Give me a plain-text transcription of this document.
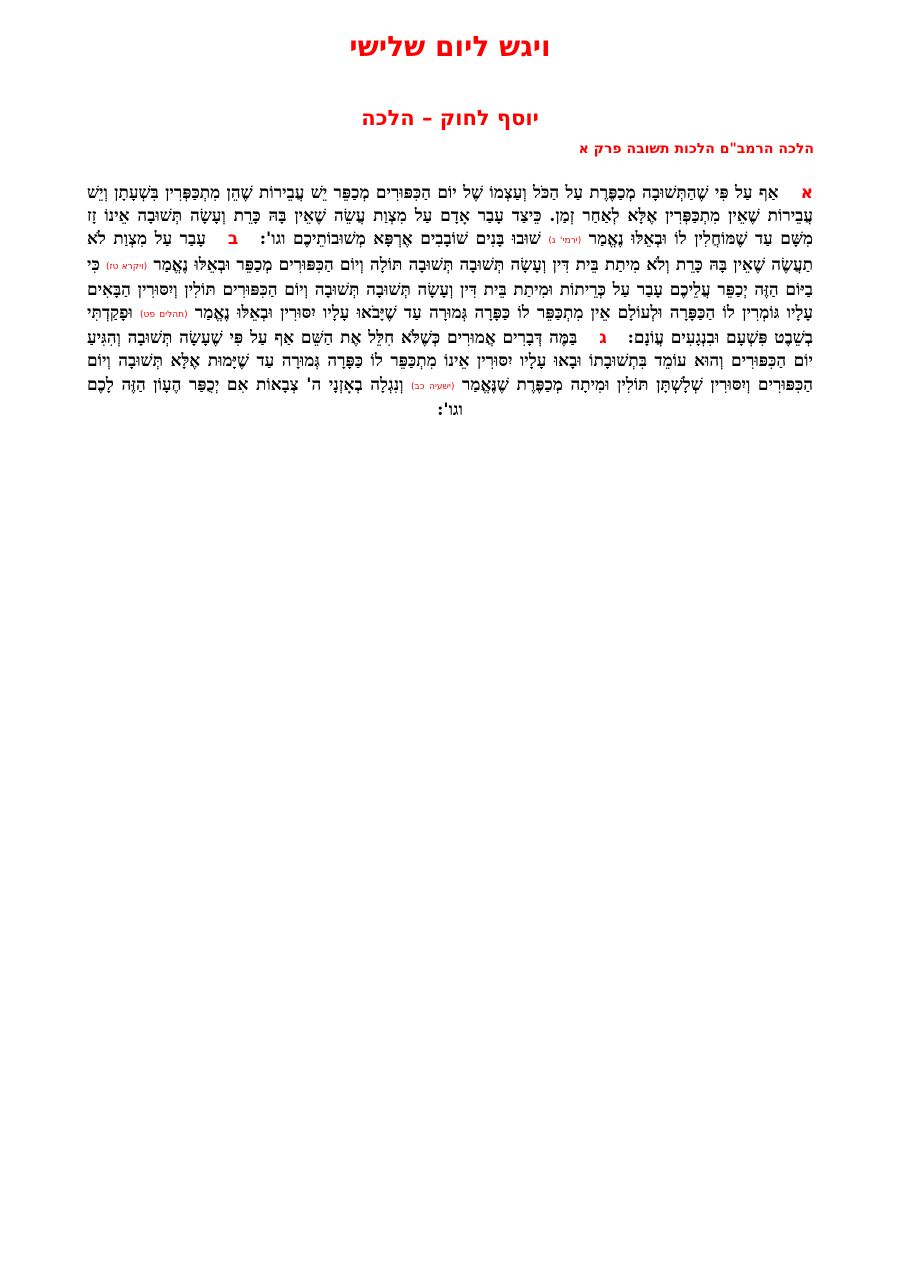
ויגש ליום שלישי
יוסף לחוק – הלכה
הלכה הרמב"ם הלכות תשובה פרק א

אאַף עַל פִּי שֶׁהַתְּשׁוּבָה מְכַפֶּרֶת עַל הַכֹּל וְעַצְמוֹ שֶׁל יוֹם הַכִּפּוּרִים מְכַפֵּר יֵשׁ עֲבֵירוֹת שֶׁהֵן מִתְכַּפְּרִין בִּשְׁעָתָן וְיֵשׁ עֲבֵירוֹת שֶׁאֵין מִתְכַּפְּרִין אֶלָּא לְאַחַר זְמַן. כֵּיצַד עָבַר אָדָם עַל מִצְוַת עֲשֵׂה שֶׁאֵין בָּהּ כָּרֵת וְעָשָׂה תְּשׁוּבָה אֵינוֹ זָז מִשָּׁם עַד שֶׁמּוֹחֲלִין לוֹ וּבְאֵלּוּ נֶאֱמַר (ירמי' ג) שׁוּבוּ בָּנִים שׁוֹבָבִים אֶרְפָּא מְשׁוּבוֹתֵיכֶם וגו': בעָבַר עַל מִצְוַת לֹא תַעֲשֶׂה שֶׁאֵין בָּהּ כָּרֵת וְלֹא מִיתַת בֵּית דִּין וְעָשָׂה תְּשׁוּבָה תְּשׁוּבָה תּוֹלָה וְיוֹם הַכִּפּוּרִים מְכַפֵּר וּבְאֵלּוּ נֶאֱמַר (ויקרא טז) כִּי בַיּוֹם הַזֶּה יְכַפֵּר עֲלֵיכֶם עָבַר עַל כְּרֵיתוֹת וּמִיתַת בֵּית דִּין וְעָשָׂה תְּשׁוּבָה תְּשׁוּבָה וְיוֹם הַכִּפּוּרִים תּוֹלִין וְיִסּוּרִין הַבָּאִים עָלָיו גּוֹמְרִין לוֹ הַכַּפָּרָה וּלְעוֹלָם אֵין מִתְכַּפֵּר לוֹ כַּפָּרָה גְּמוּרָה עַד שֶׁיָּבֹאוּ עָלָיו יִסּוּרִין וּבְאֵלּוּ נֶאֱמַר (תהלים פט) וּפָקַדְתִּי בְשֵׁבֶט פִּשְׁעָם וּבִנְגָעִים עֲוֹנָם: גבַּמֶּה דְּבָרִים אֲמוּרִים כְּשֶׁלֹּא חִלֵּל אֶת הַשֵּׁם אַף עַל פִּי שֶׁעָשָׂה תְּשׁוּבָה וְהִגִּיעַ יוֹם הַכִּפּוּרִים וְהוּא עוֹמֵד בִּתְשׁוּבָתוֹ וּבָאוּ עָלָיו יִסּוּרִין אֵינוֹ מִתְכַּפֵּר לוֹ כַּפָּרָה גְּמוּרָה עַד שֶׁיָּמוּת אֶלָּא תְּשׁוּבָה וְיוֹם הַכִּפּוּרִים וְיִסּוּרִין שְׁלָשְׁתָּן תּוֹלִין וּמִיתָה מְכַפֶּרֶת שֶׁנֶּאֱמַר (ישעיה כב) וְנִגְלָה בְאָזְנָי ה' צְבָאוֹת אִם יְכֻפַּר הֶעָוֹן הַזֶּה לָכֶם וגו':
